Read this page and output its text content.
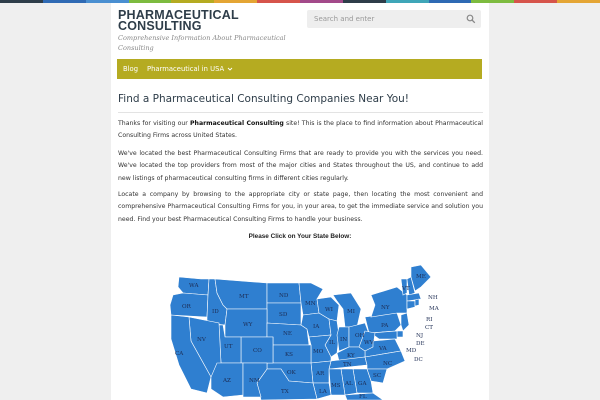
PHARMACEUTICAL
CONSULTING
Comprehensive Information About Pharmaceutical Consulting
Search and enter
Blog Pharmaceutical in USA
Find a Pharmaceutical Consulting Companies Near You!

Thanks for visiting our Pharmaceutical Consulting site! This is the place to find information about Pharmaceutical Consulting Firms across United States.

We've located the best Pharmaceutical Consulting Firms that are ready to provide you with the services you need. We've located the top providers from most of the major cities and States throughout the US, and continue to add new listings of pharmaceutical consulting firms in different cities regularly.

Locate a company by browsing to the appropriate city or state page, then locating the most convenient and comprehensive Pharmaceutical Consulting Firms for you, in your area, to get the immediate service and solution you need. Find your best Pharmaceutical Consulting Firms to handle your business.

Please Click on Your State Below:
WA
OR
ID
MT	ND
SD
MN
WY
NE
IA
WI	MI
NY
VT
ME
NH
MA
RI
CT
NJ
DE
MD
DC
PA
OH
IN
IL
KS	MO
KY
WV
VA
NC
CA
NV
UT
CO
AZ	NM
OK	AR
TN
SC
GA
AL
MS
TX	LA
FL
